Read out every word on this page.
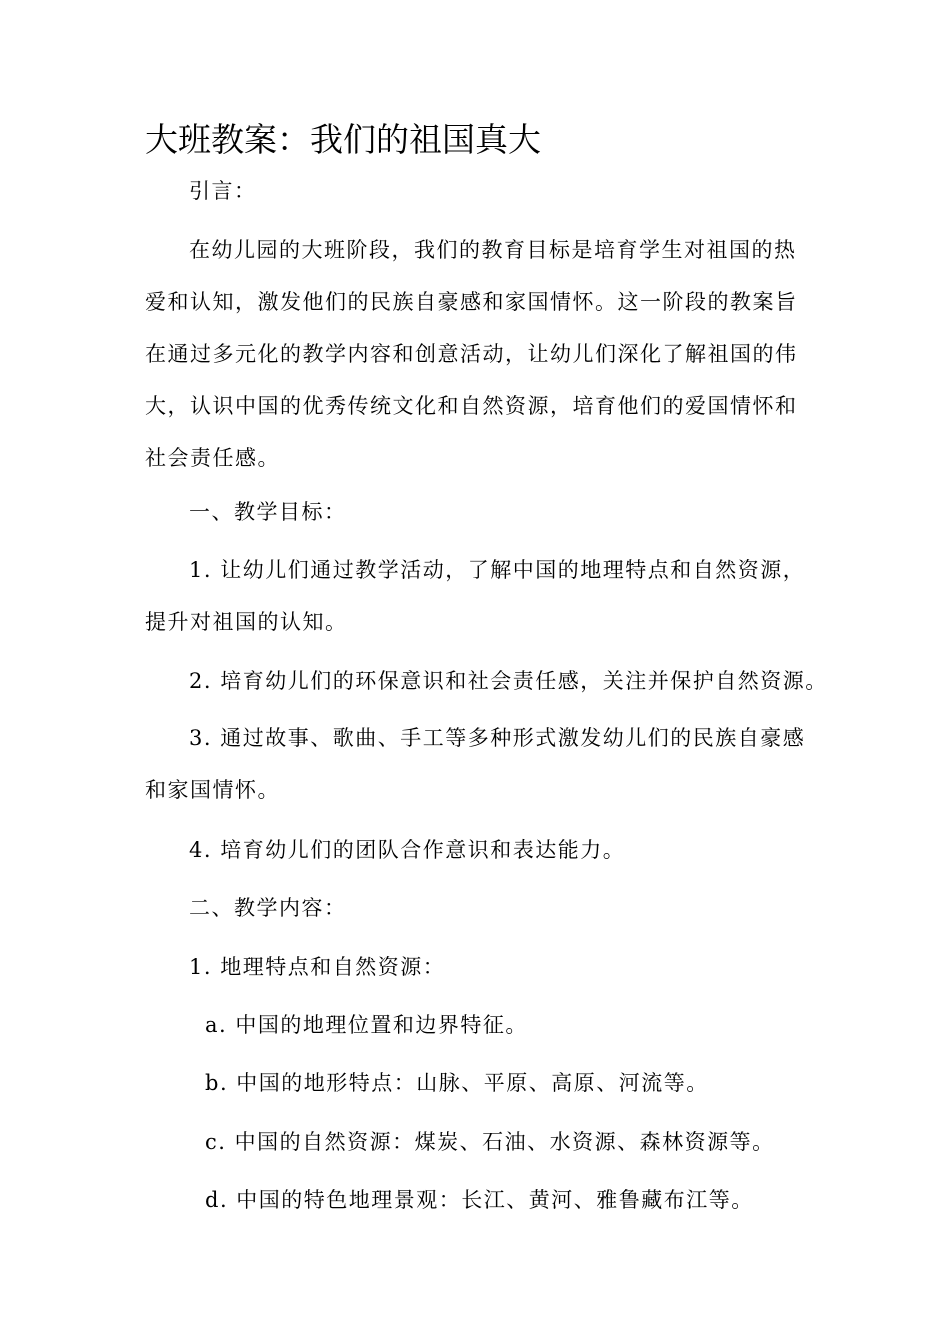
大班教案：我们的祖国真大

引言：

在幼儿园的大班阶段，我们的教育目标是培育学生对祖国的热爱和认知，激发他们的民族自豪感和家国情怀。这一阶段的教案旨在通过多元化的教学内容和创意活动，让幼儿们深化了解祖国的伟大，认识中国的优秀传统文化和自然资源，培育他们的爱国情怀和社会责任感。

一、教学目标：

1. 让幼儿们通过教学活动，了解中国的地理特点和自然资源，提升对祖国的认知。

2. 培育幼儿们的环保意识和社会责任感，关注并保护自然资源。

3. 通过故事、歌曲、手工等多种形式激发幼儿们的民族自豪感和家国情怀。

4. 培育幼儿们的团队合作意识和表达能力。

二、教学内容：

1. 地理特点和自然资源：

a. 中国的地理位置和边界特征。

b. 中国的地形特点：山脉、平原、高原、河流等。

c. 中国的自然资源：煤炭、石油、水资源、森林资源等。

d. 中国的特色地理景观：长江、黄河、雅鲁藏布江等。
